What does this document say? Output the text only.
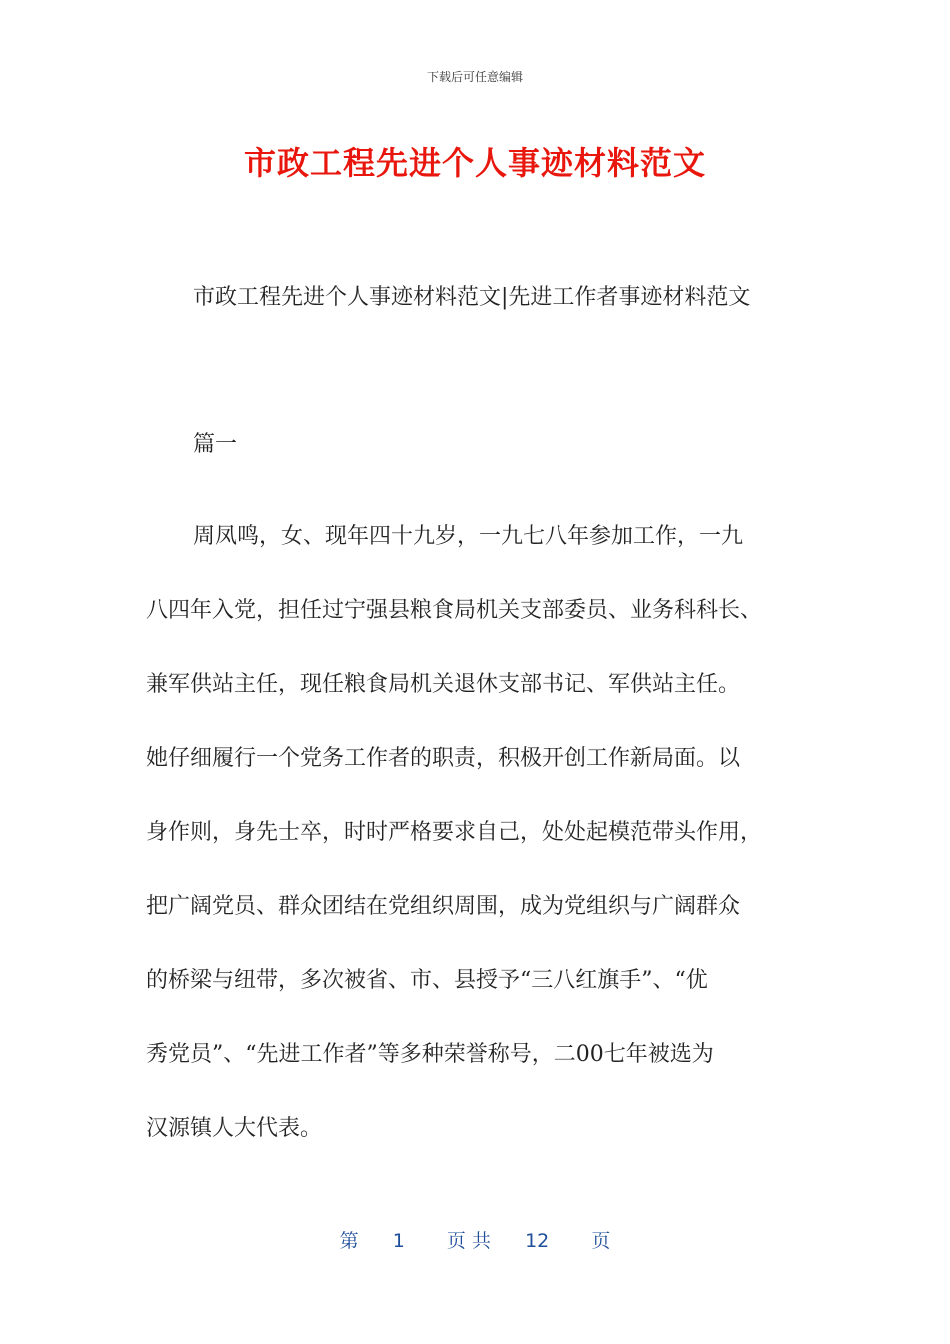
下载后可任意编辑
市政工程先进个人事迹材料范文
市政工程先进个人事迹材料范文|先进工作者事迹材料范文
篇一
周凤鸣，女、现年四十九岁，一九七八年参加工作，一九
八四年入党，担任过宁强县粮食局机关支部委员、业务科科长、
兼军供站主任，现任粮食局机关退休支部书记、军供站主任。
她仔细履行一个党务工作者的职责，积极开创工作新局面。以
身作则，身先士卒，时时严格要求自己，处处起模范带头作用，
把广阔党员、群众团结在党组织周围，成为党组织与广阔群众
的桥梁与纽带，多次被省、市、县授予“三八红旗手”、“优
秀党员”、“先进工作者”等多种荣誉称号，二00七年被选为
汉源镇人大代表。
第 1 页 共 12 页
